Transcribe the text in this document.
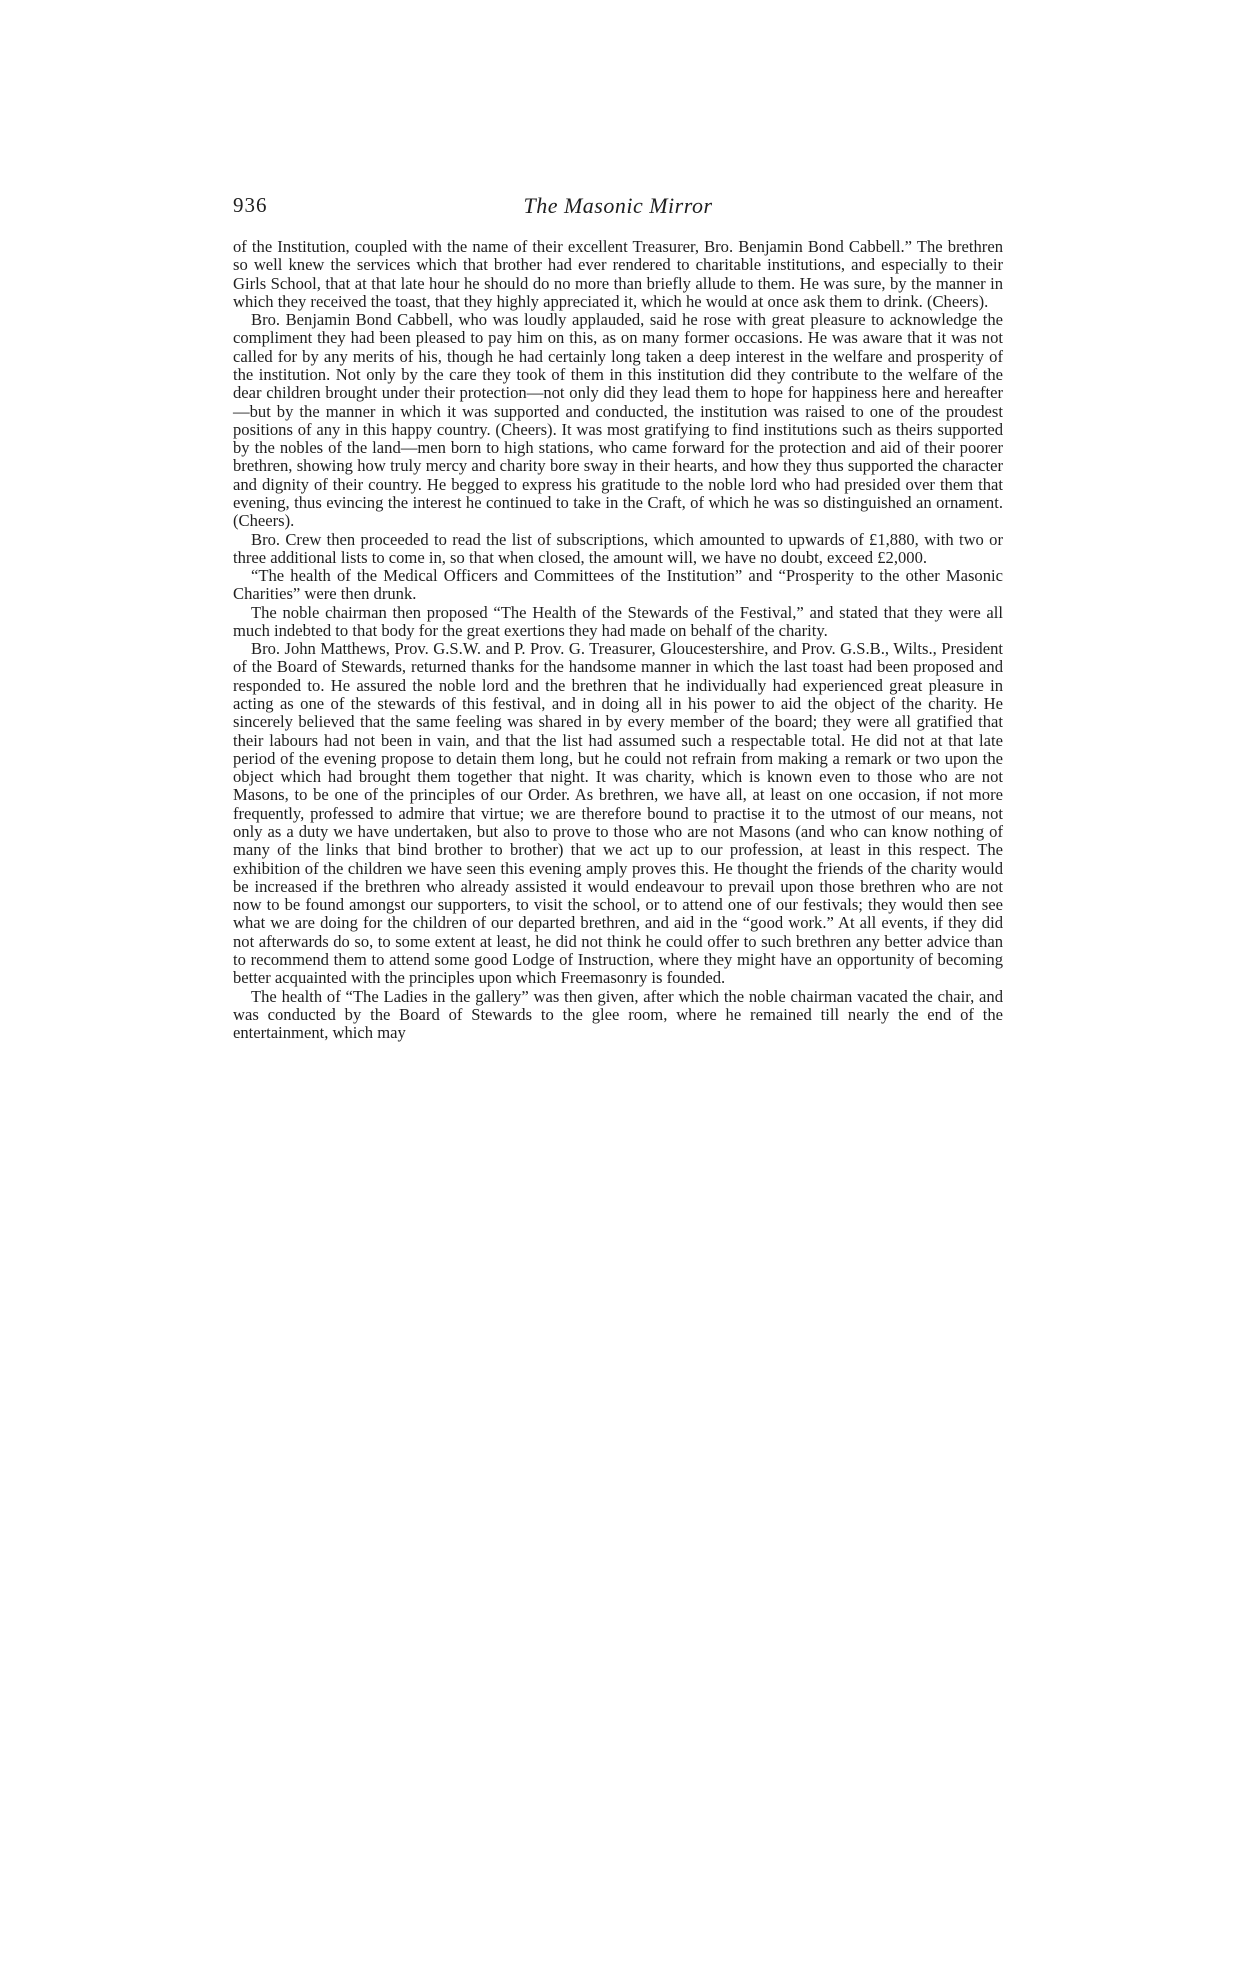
936	The Masonic Mirror

of the Institution, coupled with the name of their excellent Treasurer, Bro. Benjamin Bond Cabbell.” The brethren so well knew the services which that brother had ever rendered to charitable institutions, and especially to their Girls School, that at that late hour he should do no more than briefly allude to them. He was sure, by the manner in which they received the toast, that they highly appreciated it, which he would at once ask them to drink. (Cheers).

Bro. Benjamin Bond Cabbell, who was loudly applauded, said he rose with great pleasure to acknowledge the compliment they had been pleased to pay him on this, as on many former occasions. He was aware that it was not called for by any merits of his, though he had certainly long taken a deep interest in the welfare and prosperity of the institution. Not only by the care they took of them in this institution did they contribute to the welfare of the dear children brought under their protection—not only did they lead them to hope for happiness here and hereafter—but by the manner in which it was supported and conducted, the institution was raised to one of the proudest positions of any in this happy country. (Cheers). It was most gratifying to find institutions such as theirs supported by the nobles of the land—men born to high stations, who came forward for the protection and aid of their poorer brethren, showing how truly mercy and charity bore sway in their hearts, and how they thus supported the character and dignity of their country. He begged to express his gratitude to the noble lord who had presided over them that evening, thus evincing the interest he continued to take in the Craft, of which he was so distinguished an ornament. (Cheers).

Bro. Crew then proceeded to read the list of subscriptions, which amounted to upwards of £1,880, with two or three additional lists to come in, so that when closed, the amount will, we have no doubt, exceed £2,000.

“The health of the Medical Officers and Committees of the Institution” and “Prosperity to the other Masonic Charities” were then drunk.

The noble chairman then proposed “The Health of the Stewards of the Festival,” and stated that they were all much indebted to that body for the great exertions they had made on behalf of the charity.

Bro. John Matthews, Prov. G.S.W. and P. Prov. G. Treasurer, Gloucestershire, and Prov. G.S.B., Wilts., President of the Board of Stewards, returned thanks for the handsome manner in which the last toast had been proposed and responded to. He assured the noble lord and the brethren that he individually had experienced great pleasure in acting as one of the stewards of this festival, and in doing all in his power to aid the object of the charity. He sincerely believed that the same feeling was shared in by every member of the board; they were all gratified that their labours had not been in vain, and that the list had assumed such a respectable total. He did not at that late period of the evening propose to detain them long, but he could not refrain from making a remark or two upon the object which had brought them together that night. It was charity, which is known even to those who are not Masons, to be one of the principles of our Order. As brethren, we have all, at least on one occasion, if not more frequently, professed to admire that virtue; we are therefore bound to practise it to the utmost of our means, not only as a duty we have undertaken, but also to prove to those who are not Masons (and who can know nothing of many of the links that bind brother to brother) that we act up to our profession, at least in this respect. The exhibition of the children we have seen this evening amply proves this. He thought the friends of the charity would be increased if the brethren who already assisted it would endeavour to prevail upon those brethren who are not now to be found amongst our supporters, to visit the school, or to attend one of our festivals; they would then see what we are doing for the children of our departed brethren, and aid in the “good work.” At all events, if they did not afterwards do so, to some extent at least, he did not think he could offer to such brethren any better advice than to recommend them to attend some good Lodge of Instruction, where they might have an opportunity of becoming better acquainted with the principles upon which Freemasonry is founded.

The health of “The Ladies in the gallery” was then given, after which the noble chairman vacated the chair, and was conducted by the Board of Stewards to the glee room, where he remained till nearly the end of the entertainment, which may
